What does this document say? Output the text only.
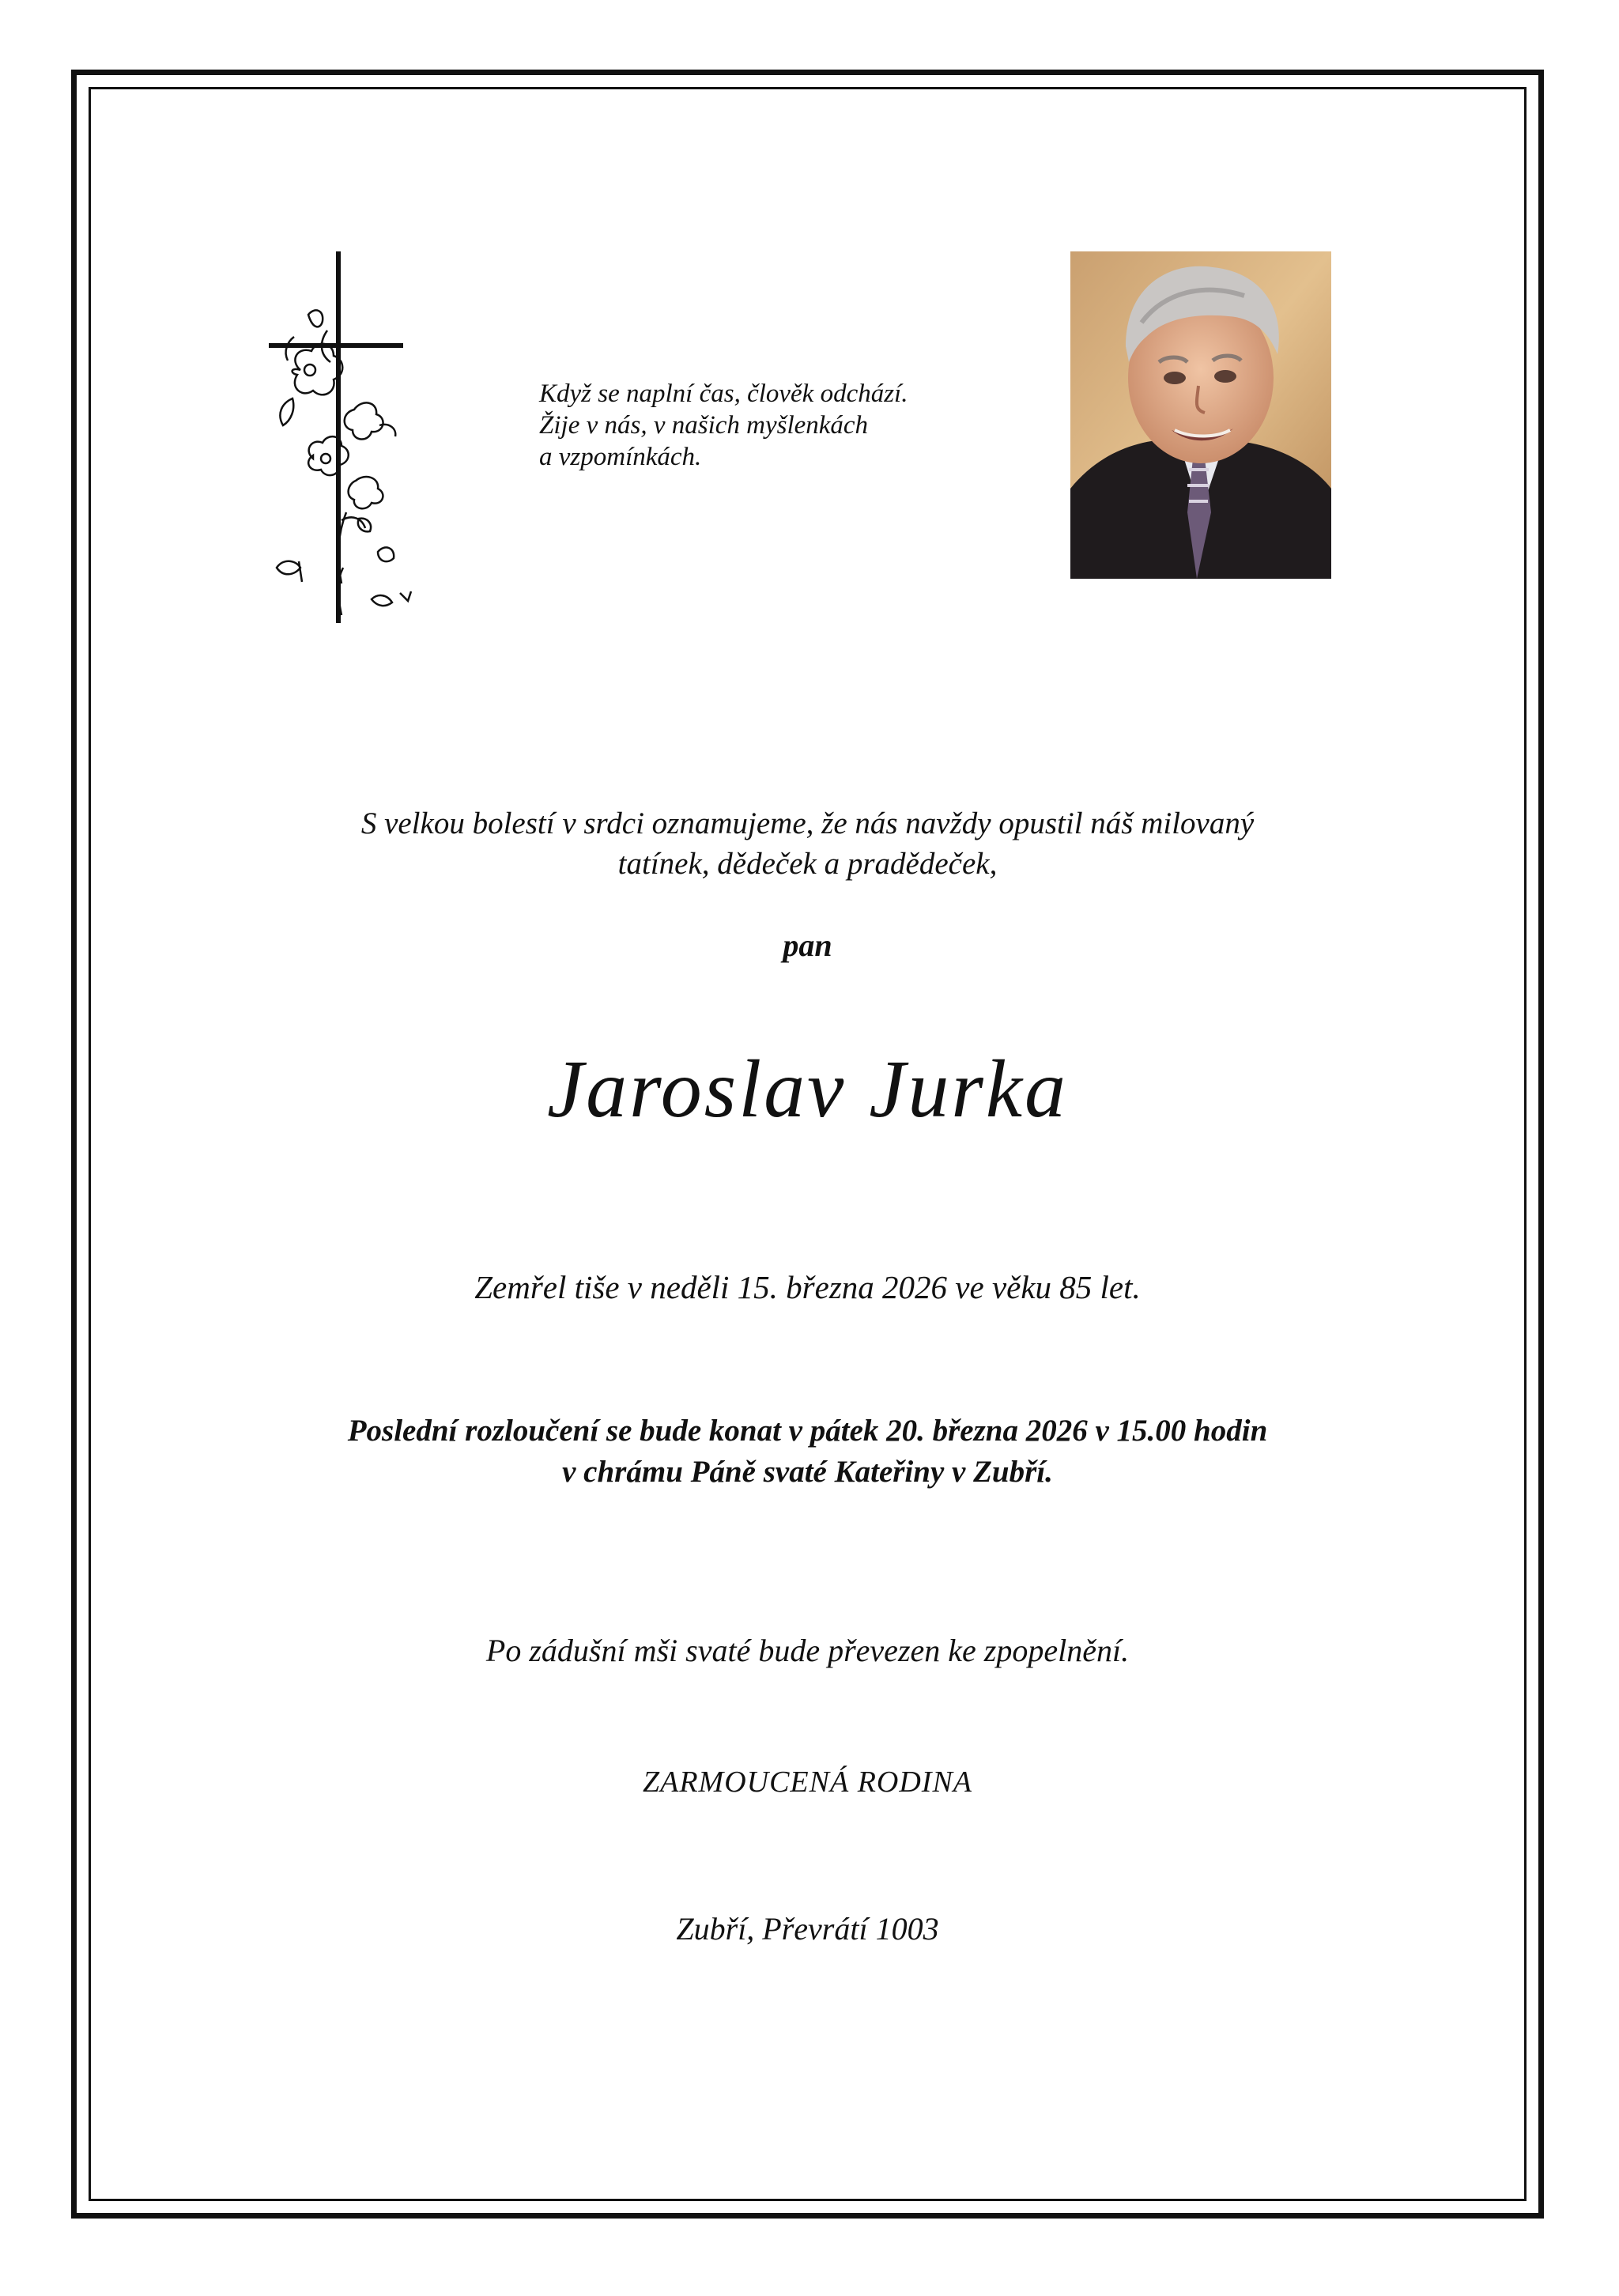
Když se naplní čas, člověk odchází.
Žije v nás, v našich myšlenkách
a vzpomínkách.
S velkou bolestí v srdci oznamujeme, že nás navždy opustil náš milovaný
tatínek, dědeček a pradědeček,
pan
Jaroslav Jurka
Zemřel tiše v neděli 15. března 2026 ve věku 85 let.
Poslední rozloučení se bude konat v pátek 20. března 2026 v 15.00 hodin
v chrámu Páně svaté Kateřiny v Zubří.
Po zádušní mši svaté bude převezen ke zpopelnění.
ZARMOUCENÁ RODINA
Zubří, Převrátí 1003
